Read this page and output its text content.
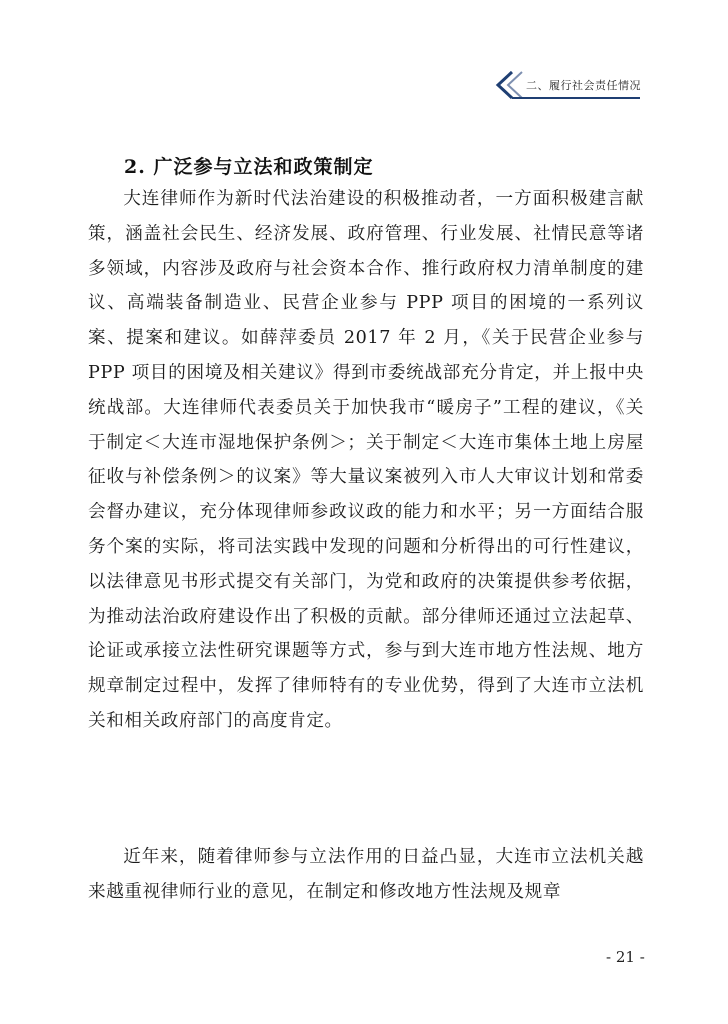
二、履行社会责任情况
2. 广泛参与立法和政策制定

大连律师作为新时代法治建设的积极推动者，一方面积极建言献策，涵盖社会民生、经济发展、政府管理、行业发展、社情民意等诸多领域，内容涉及政府与社会资本合作、推行政府权力清单制度的建议、高端装备制造业、民营企业参与 PPP 项目的困境的一系列议案、提案和建议。如薛萍委员 2017 年 2 月，《关于民营企业参与 PPP 项目的困境及相关建议》得到市委统战部充分肯定，并上报中央统战部。大连律师代表委员关于加快我市“暖房子”工程的建议，《关于制定＜大连市湿地保护条例＞；关于制定＜大连市集体土地上房屋征收与补偿条例＞的议案》等大量议案被列入市人大审议计划和常委会督办建议，充分体现律师参政议政的能力和水平；另一方面结合服务个案的实际，将司法实践中发现的问题和分析得出的可行性建议，以法律意见书形式提交有关部门，为党和政府的决策提供参考依据，为推动法治政府建设作出了积极的贡献。部分律师还通过立法起草、论证或承接立法性研究课题等方式，参与到大连市地方性法规、地方规章制定过程中，发挥了律师特有的专业优势，得到了大连市立法机关和相关政府部门的高度肯定。

近年来，随着律师参与立法作用的日益凸显，大连市立法机关越来越重视律师行业的意见，在制定和修改地方性法规及规章

- 21 -
